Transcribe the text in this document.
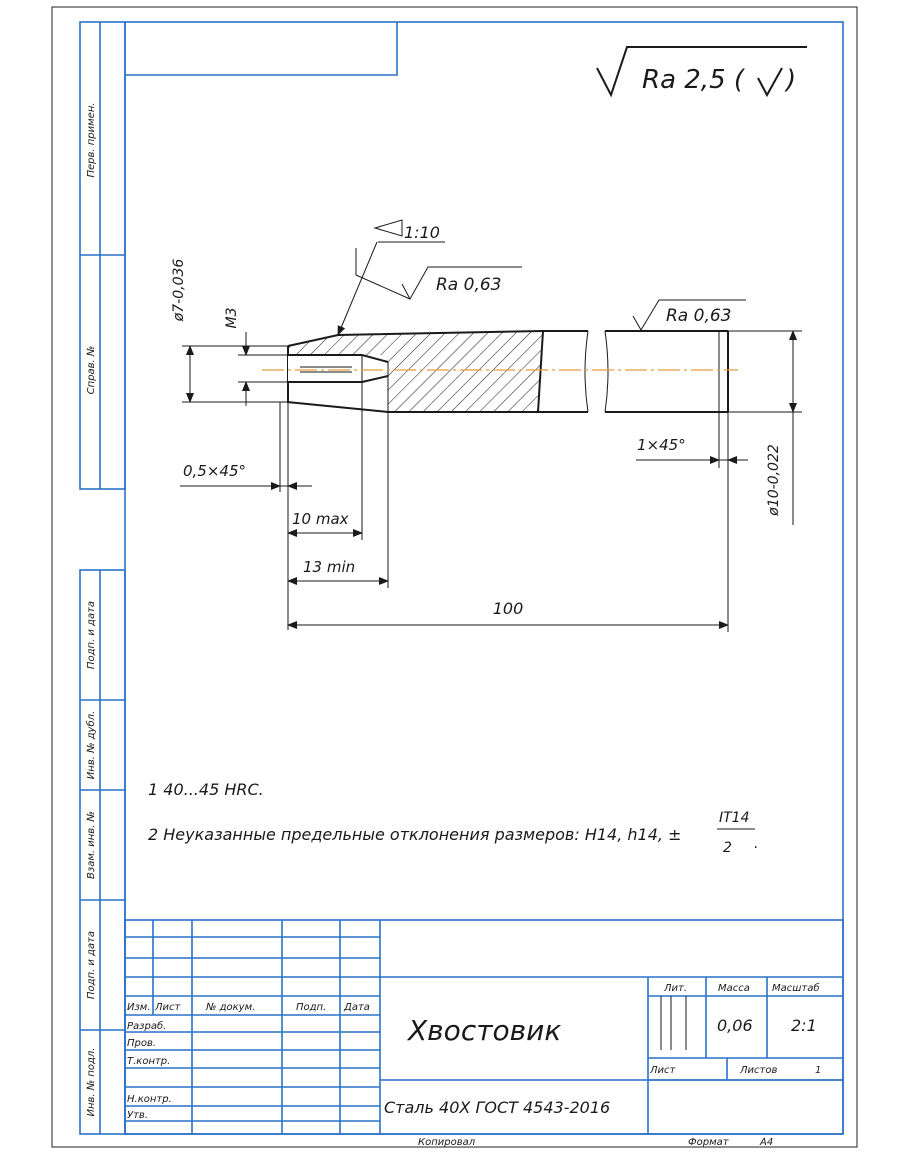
Перв. примен.
Справ. №
Подп. и дата
Инв. № дубл.
Взам. инв. №
Подп. и дата
Инв. № подл.
Ra 2,5 ( )
1:10
Ra 0,63
Ra 0,63
ø7-0,036	M3
ø10-0,022
1×45°
0,5×45°
10 max
13 min
100
1 40...45 HRC.
2 Неуказанные предельные отклонения размеров: H14, h14, ±
IT14
2 .
Изм. Лист	№ докум.	Подп. Дата
Разраб.
Пров.
Т.контр.
Н.контр.
Утв.
Хвостовик
Сталь 40Х ГОСТ 4543-2016
Лит.	Масса Масштаб
0,06 2:1
Лист	Листов	1
Копировал	Формат	A4
